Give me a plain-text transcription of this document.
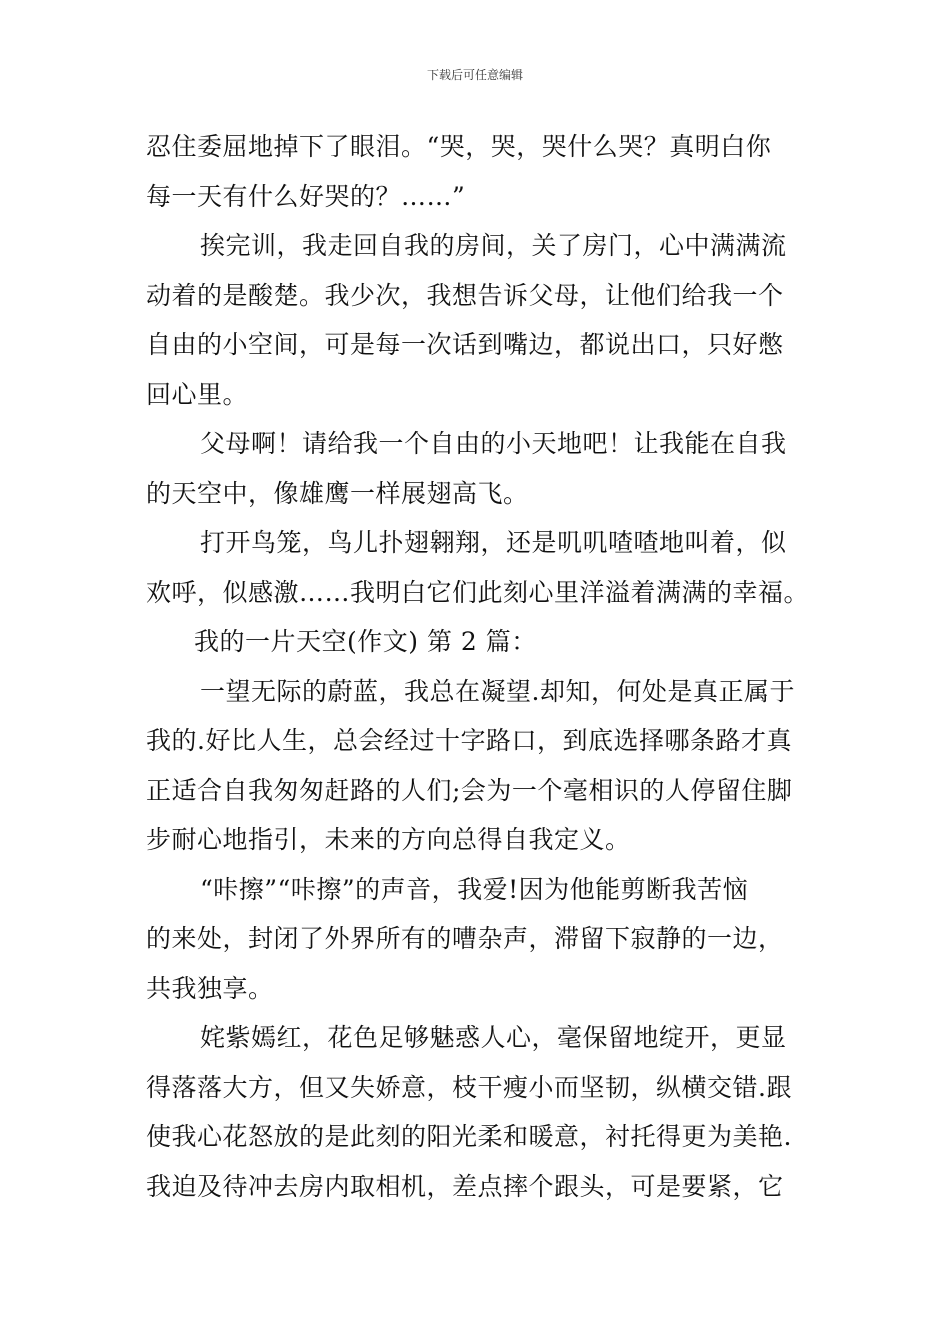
下载后可任意编辑

忍住委屈地掉下了眼泪。“哭，哭，哭什么哭？真明白你
每一天有什么好哭的？……”

挨完训，我走回自我的房间，关了房门，心中满满流
动着的是酸楚。我少次，我想告诉父母，让他们给我一个
自由的小空间，可是每一次话到嘴边，都说出口，只好憋
回心里。

父母啊！请给我一个自由的小天地吧！让我能在自我
的天空中，像雄鹰一样展翅高飞。

打开鸟笼，鸟儿扑翅翱翔，还是叽叽喳喳地叫着，似
欢呼，似感激……我明白它们此刻心里洋溢着满满的幸福。

我的一片天空(作文) 第 2 篇：

一望无际的蔚蓝，我总在凝望.却知，何处是真正属于
我的.好比人生，总会经过十字路口，到底选择哪条路才真
正适合自我匆匆赶路的人们;会为一个毫相识的人停留住脚
步耐心地指引，未来的方向总得自我定义。

“咔擦”“咔擦”的声音，我爱!因为他能剪断我苦恼
的来处，封闭了外界所有的嘈杂声，滞留下寂静的一边，
共我独享。

姹紫嫣红，花色足够魅惑人心，毫保留地绽开，更显
得落落大方，但又失娇意，枝干瘦小而坚韧，纵横交错.跟
使我心花怒放的是此刻的阳光柔和暖意，衬托得更为美艳.
我迫及待冲去房内取相机，差点摔个跟头，可是要紧，它
